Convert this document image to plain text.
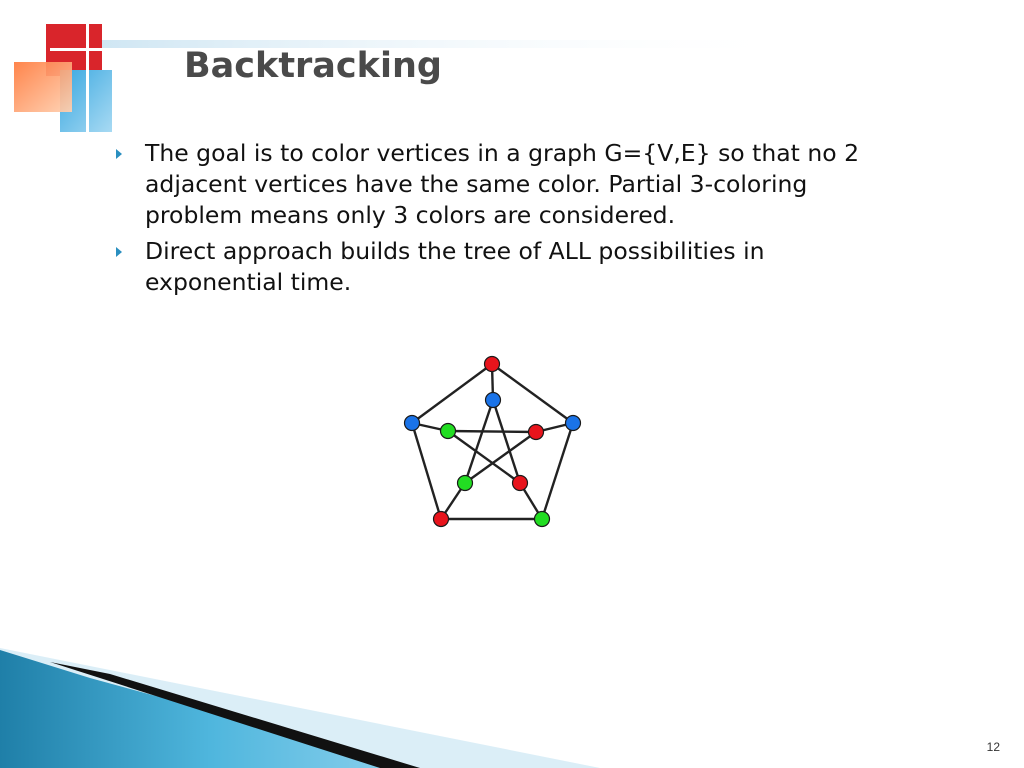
Backtracking
The goal is to color vertices in a graph G={V,E} so that no 2 adjacent vertices have the same color. Partial 3-coloring problem means only 3 colors are considered.
Direct approach builds the tree of ALL possibilities in exponential time.
12
